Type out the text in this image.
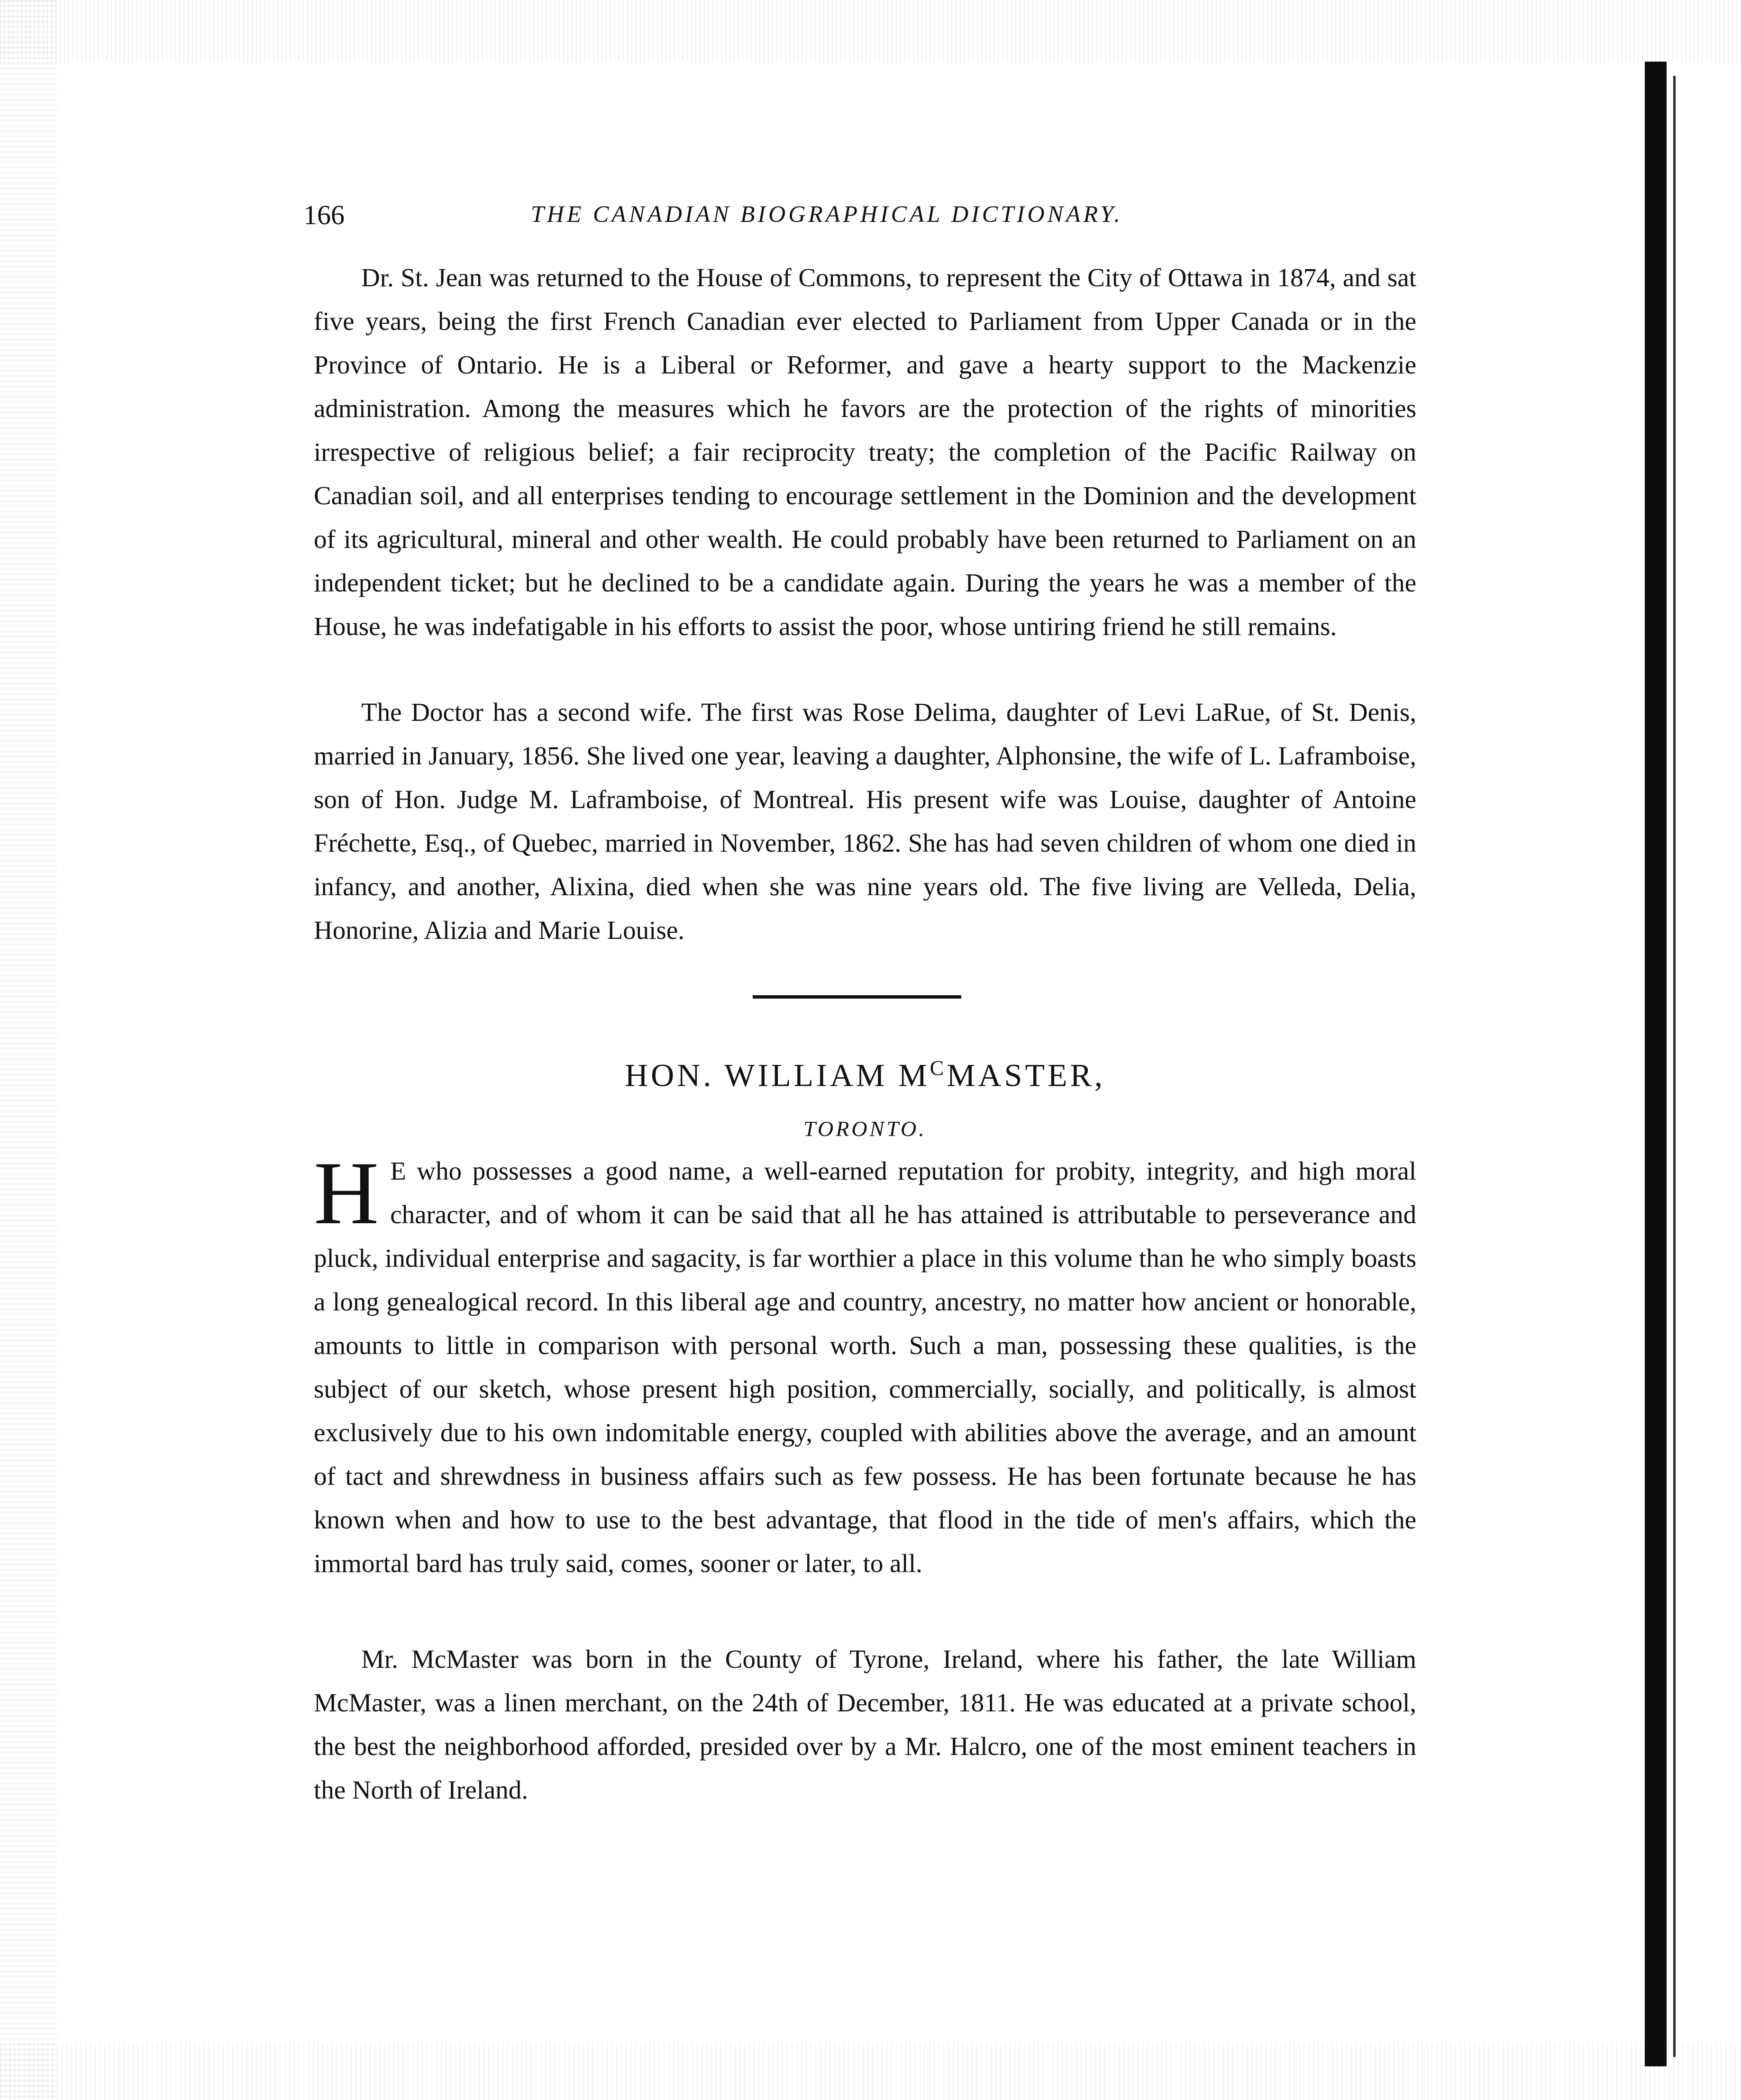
166	THE CANADIAN BIOGRAPHICAL DICTIONARY.

Dr. St. Jean was returned to the House of Commons, to represent the City of Ottawa in 1874, and sat five years, being the first French Canadian ever elected to Parliament from Upper Canada or in the Province of Ontario. He is a Liberal or Reformer, and gave a hearty support to the Mackenzie administration. Among the measures which he favors are the protection of the rights of minorities irrespective of religious belief; a fair reciprocity treaty; the completion of the Pacific Railway on Canadian soil, and all enterprises tending to encourage settlement in the Dominion and the development of its agricultural, mineral and other wealth. He could probably have been returned to Parliament on an independent ticket; but he declined to be a candidate again. During the years he was a member of the House, he was indefatigable in his efforts to assist the poor, whose untiring friend he still remains.

The Doctor has a second wife. The first was Rose Delima, daughter of Levi LaRue, of St. Denis, married in January, 1856. She lived one year, leaving a daughter, Alphonsine, the wife of L. Laframboise, son of Hon. Judge M. Laframboise, of Montreal. His present wife was Louise, daughter of Antoine Fréchette, Esq., of Quebec, married in November, 1862. She has had seven children of whom one died in infancy, and another, Alixina, died when she was nine years old. The five living are Velleda, Delia, Honorine, Alizia and Marie Louise.

HON. WILLIAM $M^CMASTER$,
TORONTO.

H E who possesses a good name, a well-earned reputation for probity, integrity, and high moral character, and of whom it can be said that all he has attained is attributable to perseverance and pluck, individual enterprise and sagacity, is far worthier a place in this volume than he who simply boasts a long genealogical record. In this liberal age and country, ancestry, no matter how ancient or honorable, amounts to little in comparison with personal worth. Such a man, possessing these qualities, is the subject of our sketch, whose present high position, commercially, socially, and politically, is almost exclusively due to his own indomitable energy, coupled with abilities above the average, and an amount of tact and shrewdness in business affairs such as few possess. He has been fortunate because he has known when and how to use to the best advantage, that flood in the tide of men's affairs, which the immortal bard has truly said, comes, sooner or later, to all.

Mr. McMaster was born in the County of Tyrone, Ireland, where his father, the late William McMaster, was a linen merchant, on the 24th of December, 1811. He was educated at a private school, the best the neighborhood afforded, presided over by a Mr. Halcro, one of the most eminent teachers in the North of Ireland.
